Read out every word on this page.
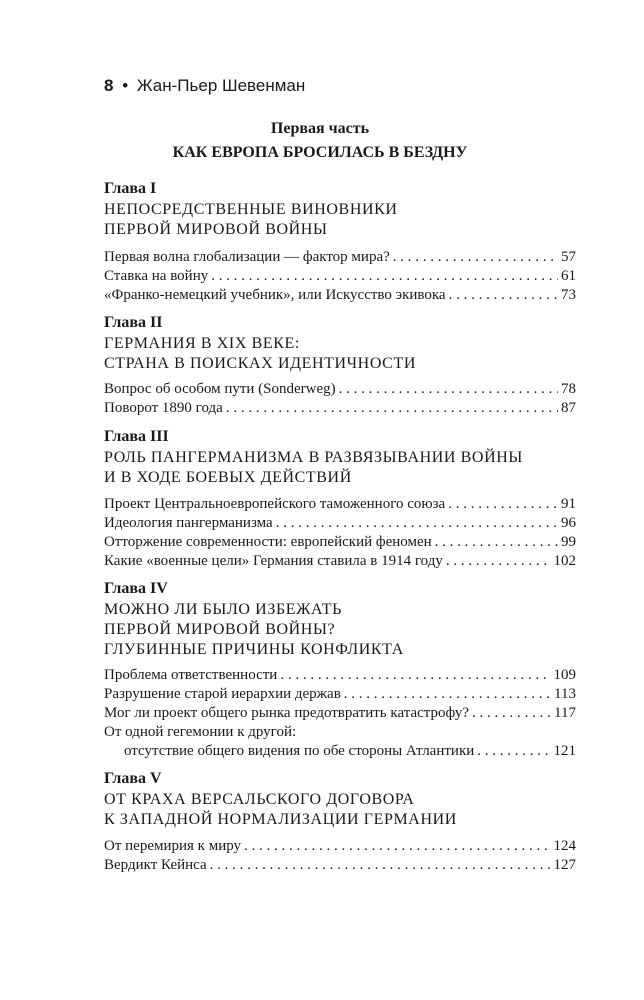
8 • Жан-Пьер Шевенман
Первая часть
КАК ЕВРОПА БРОСИЛАСЬ В БЕЗДНУ
Глава I
НЕПОСРЕДСТВЕННЫЕ ВИНОВНИКИ
ПЕРВОЙ МИРОВОЙ ВОЙНЫ
Первая волна глобализации — фактор мира? . . .	57
Ставка на войну . . .	61
«Франко-немецкий учебник», или Искусство экивока . . .	73
Глава II
ГЕРМАНИЯ В XIX ВЕКЕ:
СТРАНА В ПОИСКАХ ИДЕНТИЧНОСТИ
Вопрос об особом пути (Sonderweg) . . .	78
Поворот 1890 года . . .	87
Глава III
РОЛЬ ПАНГЕРМАНИЗМА В РАЗВЯЗЫВАНИИ ВОЙНЫ
И В ХОДЕ БОЕВЫХ ДЕЙСТВИЙ
Проект Центральноевропейского таможенного союза . . .	91
Идеология пангерманизма . . .	96
Отторжение современности: европейский феномен . . .	99
Какие «военные цели» Германия ставила в 1914 году . . .	102
Глава IV
МОЖНО ЛИ БЫЛО ИЗБЕЖАТЬ
ПЕРВОЙ МИРОВОЙ ВОЙНЫ?
ГЛУБИННЫЕ ПРИЧИНЫ КОНФЛИКТА
Проблема ответственности . . .	109
Разрушение старой иерархии держав . . .	113
Мог ли проект общего рынка предотвратить катастрофу? . . .	117
От одной гегемонии к другой:
отсутствие общего видения по обе стороны Атлантики . . .	121
Глава V
ОТ КРАХА ВЕРСАЛЬСКОГО ДОГОВОРА
К ЗАПАДНОЙ НОРМАЛИЗАЦИИ ГЕРМАНИИ
От перемирия к миру . . .	124
Вердикт Кейнса . . .	127
